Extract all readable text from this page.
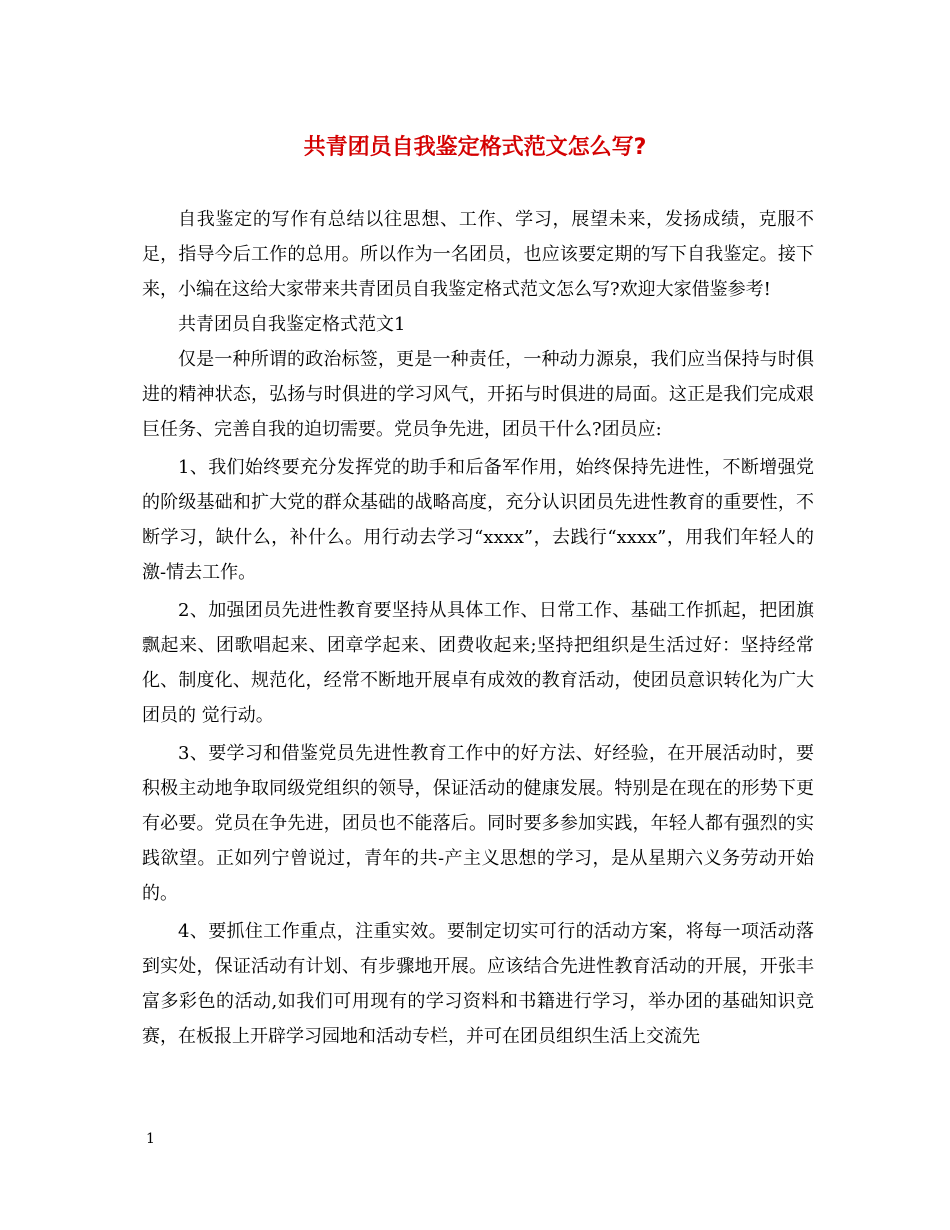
共青团员自我鉴定格式范文怎么写?

自我鉴定的写作有总结以往思想、工作、学习，展望未来，发扬成绩，克服不足，指导今后工作的总用。所以作为一名团员，也应该要定期的写下自我鉴定。接下来，小编在这给大家带来共青团员自我鉴定格式范文怎么写?欢迎大家借鉴参考!

共青团员自我鉴定格式范文1

仅是一种所谓的政治标签，更是一种责任，一种动力源泉，我们应当保持与时俱进的精神状态，弘扬与时俱进的学习风气，开拓与时俱进的局面。这正是我们完成艰巨任务、完善自我的迫切需要。党员争先进，团员干什么?团员应:

1、我们始终要充分发挥党的助手和后备军作用，始终保持先进性，不断增强党的阶级基础和扩大党的群众基础的战略高度，充分认识团员先进性教育的重要性，不断学习，缺什么，补什么。用行动去学习“xxxx”，去践行“xxxx”，用我们年轻人的激-情去工作。

2、加强团员先进性教育要坚持从具体工作、日常工作、基础工作抓起，把团旗飘起来、团歌唱起来、团章学起来、团费收起来;坚持把组织是生活过好：坚持经常化、制度化、规范化，经常不断地开展卓有成效的教育活动，使团员意识转化为广大团员的 觉行动。

3、要学习和借鉴党员先进性教育工作中的好方法、好经验，在开展活动时，要积极主动地争取同级党组织的领导，保证活动的健康发展。特别是在现在的形势下更有必要。党员在争先进，团员也不能落后。同时要多参加实践，年轻人都有强烈的实践欲望。正如列宁曾说过，青年的共-产主义思想的学习，是从星期六义务劳动开始的。

4、要抓住工作重点，注重实效。要制定切实可行的活动方案，将每一项活动落到实处，保证活动有计划、有步骤地开展。应该结合先进性教育活动的开展，开张丰富多彩色的活动,如我们可用现有的学习资料和书籍进行学习，举办团的基础知识竞赛，在板报上开辟学习园地和活动专栏，并可在团员组织生活上交流先

1
